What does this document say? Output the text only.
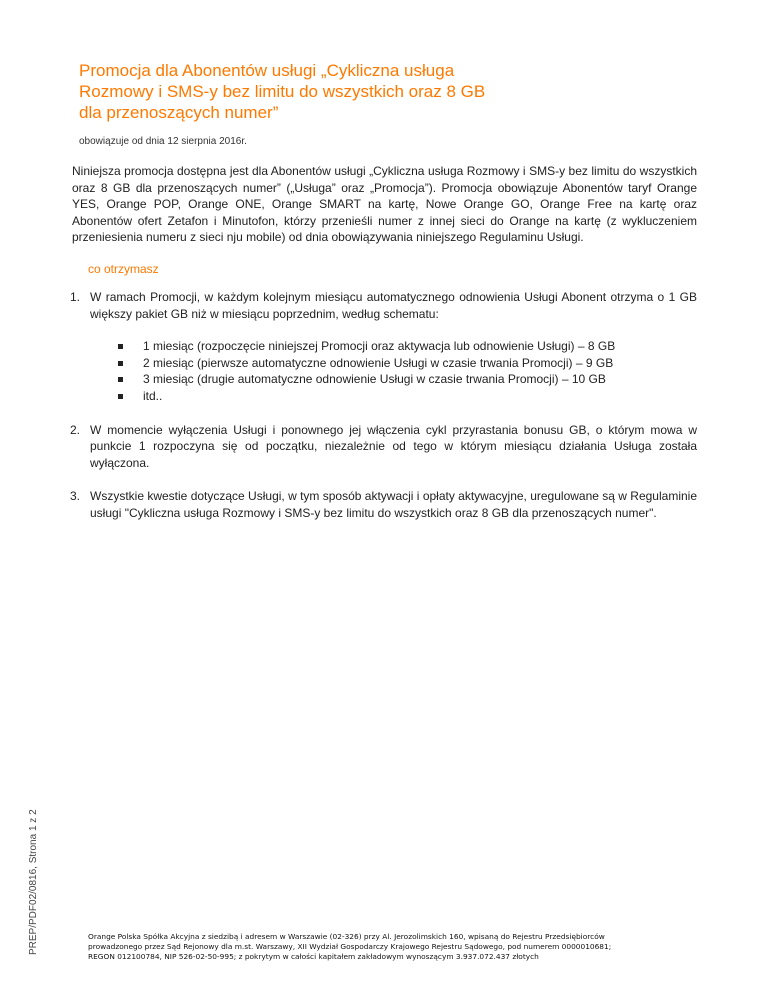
Promocja dla Abonentów usługi „Cykliczna usługa
Rozmowy i SMS-y bez limitu do wszystkich oraz 8 GB
dla przenoszących numer”
obowiązuje od dnia 12 sierpnia 2016r.

Niniejsza promocja dostępna jest dla Abonentów usługi „Cykliczna usługa Rozmowy i SMS-y bez limitu do wszystkich oraz 8 GB dla przenoszących numer” („Usługa” oraz „Promocja”). Promocja obowiązuje Abonentów taryf Orange YES, Orange POP, Orange ONE, Orange SMART na kartę, Nowe Orange GO, Orange Free na kartę oraz Abonentów ofert Zetafon i Minutofon, którzy przenieśli numer z innej sieci do Orange na kartę (z wykluczeniem przeniesienia numeru z sieci nju mobile) od dnia obowiązywania niniejszego Regulaminu Usługi.

co otrzymasz
1. W ramach Promocji, w każdym kolejnym miesiącu automatycznego odnowienia Usługi Abonent otrzyma o 1 GB większy pakiet GB niż w miesiącu poprzednim, według schematu:
1 miesiąc (rozpoczęcie niniejszej Promocji oraz aktywacja lub odnowienie Usługi) – 8 GB
2 miesiąc (pierwsze automatyczne odnowienie Usługi w czasie trwania Promocji) – 9 GB
3 miesiąc (drugie automatyczne odnowienie Usługi w czasie trwania Promocji) – 10 GB
itd..
2. W momencie wyłączenia Usługi i ponownego jej włączenia cykl przyrastania bonusu GB, o którym mowa w punkcie 1 rozpoczyna się od początku, niezależnie od tego w którym miesiącu działania Usługa została wyłączona.
3. Wszystkie kwestie dotyczące Usługi, w tym sposób aktywacji i opłaty aktywacyjne, uregulowane są w Regulaminie usługi "Cykliczna usługa Rozmowy i SMS-y bez limitu do wszystkich oraz 8 GB dla przenoszących numer".
PREP/PDF02/0816, Strona 1 z 2	Orange Polska Spółka Akcyjna z siedzibą i adresem w Warszawie (02-326) przy Al. Jerozolimskich 160, wpisaną do Rejestru Przedsiębiorców
prowadzonego przez Sąd Rejonowy dla m.st. Warszawy, XII Wydział Gospodarczy Krajowego Rejestru Sądowego, pod numerem 0000010681;
REGON 012100784, NIP 526-02-50-995; z pokrytym w całości kapitałem zakładowym wynoszącym 3.937.072.437 złotych
